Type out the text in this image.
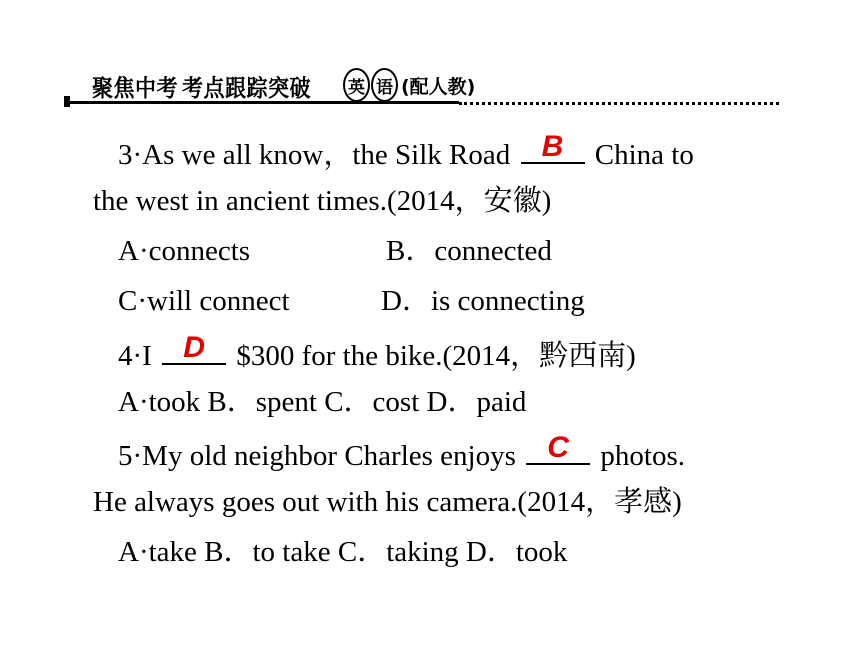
聚焦中考 考点跟踪突破 英 语 (配人教)
3·As we all know，the Silk Road	B	China to
the west in ancient times.(2014，安徽)
A·connects	B．connected
C·will connect	D．is connecting
4·I	D	$300 for the bike.(2014，黔西南)
A·took B．spent C．cost D．paid
5·My old neighbor Charles enjoys	C	photos.
He always goes out with his camera.(2014，孝感)
A·take B．to take C．taking D．took
